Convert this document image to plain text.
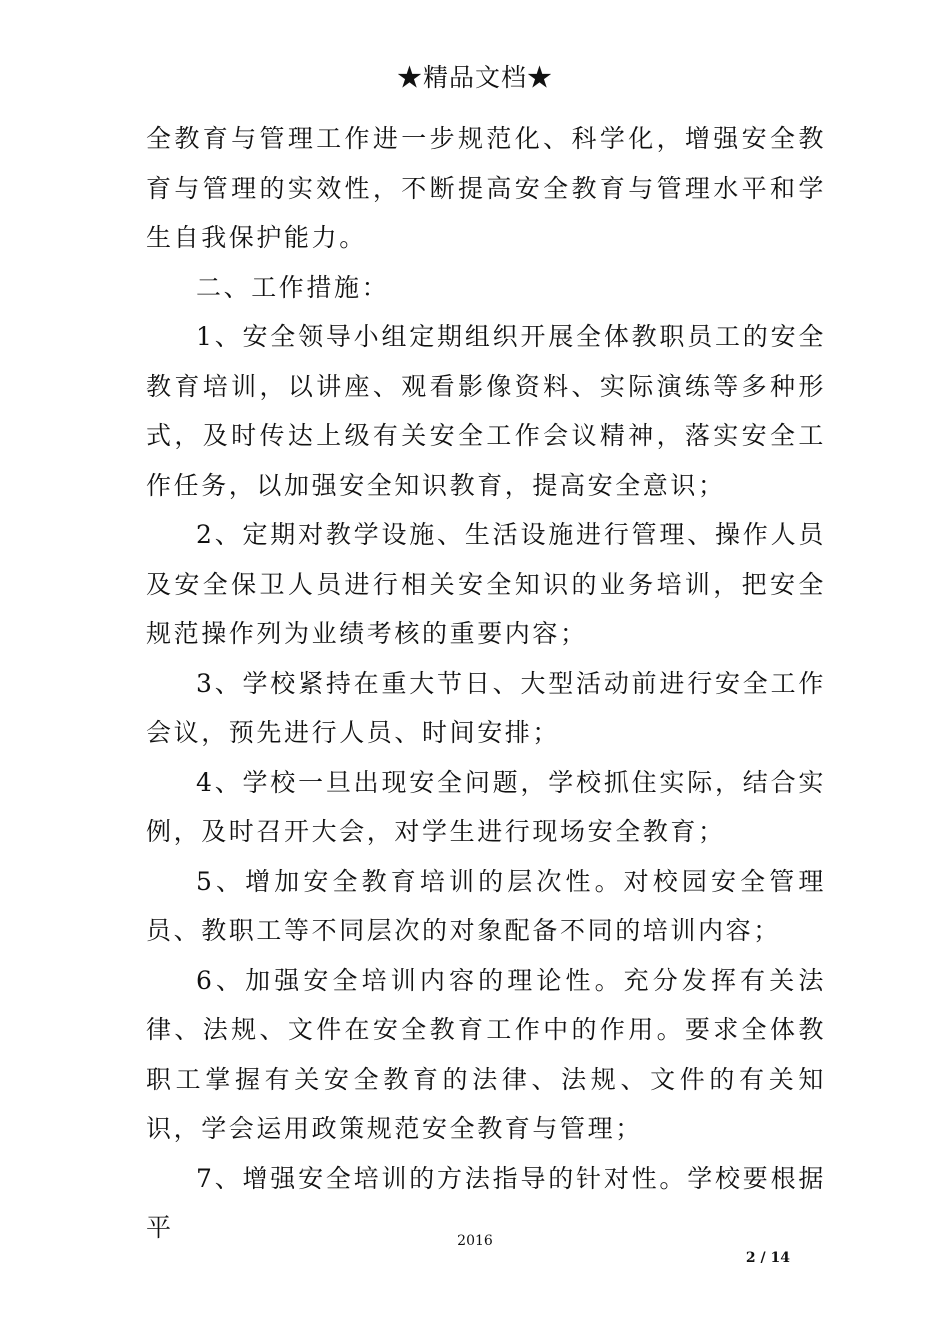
★精品文档★

全教育与管理工作进一步规范化、科学化，增强安全教育与管理的实效性，不断提高安全教育与管理水平和学生自我保护能力。

二、工作措施：

1、安全领导小组定期组织开展全体教职员工的安全教育培训，以讲座、观看影像资料、实际演练等多种形式，及时传达上级有关安全工作会议精神，落实安全工作任务，以加强安全知识教育，提高安全意识；

2、定期对教学设施、生活设施进行管理、操作人员及安全保卫人员进行相关安全知识的业务培训，把安全规范操作列为业绩考核的重要内容；

3、学校紧持在重大节日、大型活动前进行安全工作会议，预先进行人员、时间安排；

4、学校一旦出现安全问题，学校抓住实际，结合实例，及时召开大会，对学生进行现场安全教育；

5、增加安全教育培训的层次性。对校园安全管理员、教职工等不同层次的对象配备不同的培训内容；

6、加强安全培训内容的理论性。充分发挥有关法律、法规、文件在安全教育工作中的作用。要求全体教职工掌握有关安全教育的法律、法规、文件的有关知识，学会运用政策规范安全教育与管理；

7、增强安全培训的方法指导的针对性。学校要根据平	2016
2 / 14
